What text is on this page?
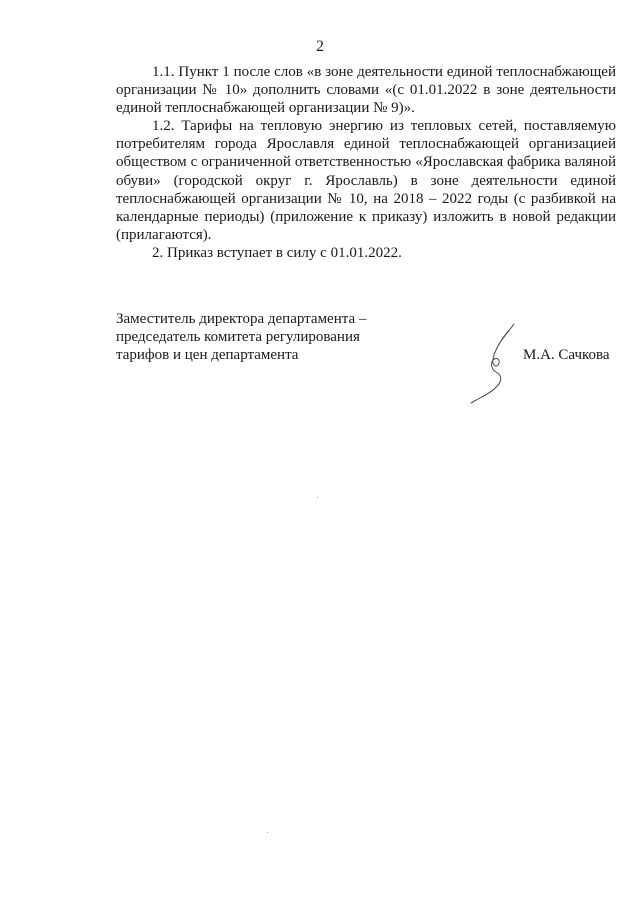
2

1.1. Пункт 1 после слов «в зоне деятельности единой теплоснабжающей организации № 10» дополнить словами «(с 01.01.2022 в зоне деятельности единой теплоснабжающей организации № 9)».

1.2. Тарифы на тепловую энергию из тепловых сетей, поставляемую потребителям города Ярославля единой теплоснабжающей организацией обществом с ограниченной ответственностью «Ярославская фабрика валяной обуви» (городской округ г. Ярославль) в зоне деятельности единой теплоснабжающей организации № 10, на 2018 – 2022 годы (с разбивкой на календарные периоды) (приложение к приказу) изложить в новой редакции (прилагаются).

2. Приказ вступает в силу с 01.01.2022.

Заместитель директора департамента –
председатель комитета регулирования
тарифов и цен департамента	М.А. Сачкова
